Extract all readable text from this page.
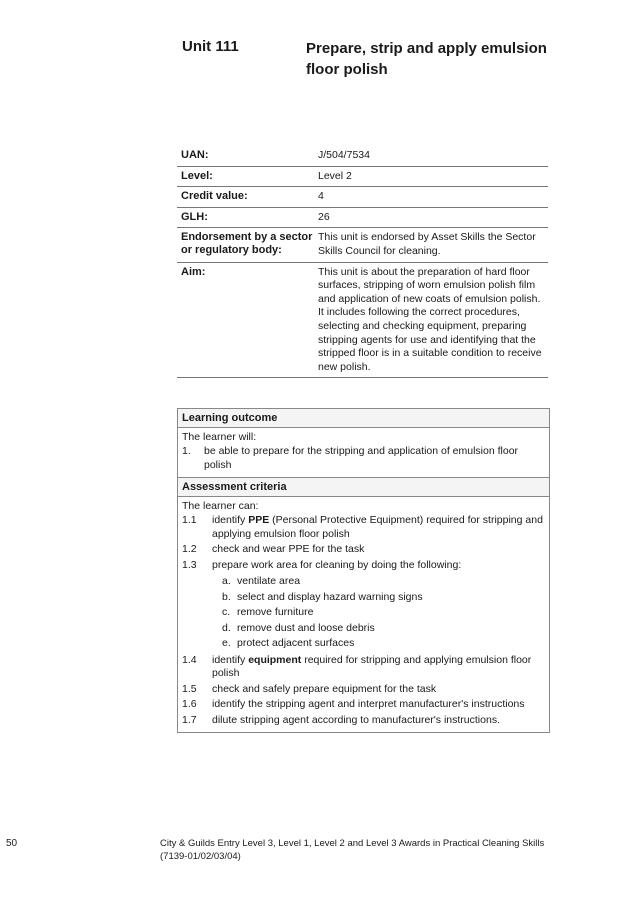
Unit 111	Prepare, strip and apply emulsion floor polish
UAN:	J/504/7534
Level:	Level 2
Credit value:	4
GLH:	26
Endorsement by a sector or regulatory body:
This unit is endorsed by Asset Skills the Sector Skills Council for cleaning.
Aim:	This unit is about the preparation of hard floor surfaces, stripping of worn emulsion polish film and application of new coats of emulsion polish. It includes following the correct procedures, selecting and checking equipment, preparing stripping agents for use and identifying that the stripped floor is in a suitable condition to receive new polish.
Learning outcome
The learner will:
1.	be able to prepare for the stripping and application of emulsion floor polish
Assessment criteria
The learner can:
1.1	identify PPE (Personal Protective Equipment) required for stripping and applying emulsion floor polish
1.2	check and wear PPE for the task
1.3	prepare work area for cleaning by doing the following:
a. ventilate area
b. select and display hazard warning signs
c. remove furniture
d. remove dust and loose debris
e. protect adjacent surfaces
1.4	identify equipment required for stripping and applying emulsion floor polish
1.5	check and safely prepare equipment for the task
1.6	identify the stripping agent and interpret manufacturer's instructions
1.7	dilute stripping agent according to manufacturer's instructions.
50	City & Guilds Entry Level 3, Level 1, Level 2 and Level 3 Awards in Practical Cleaning Skills (7139-01/02/03/04)
